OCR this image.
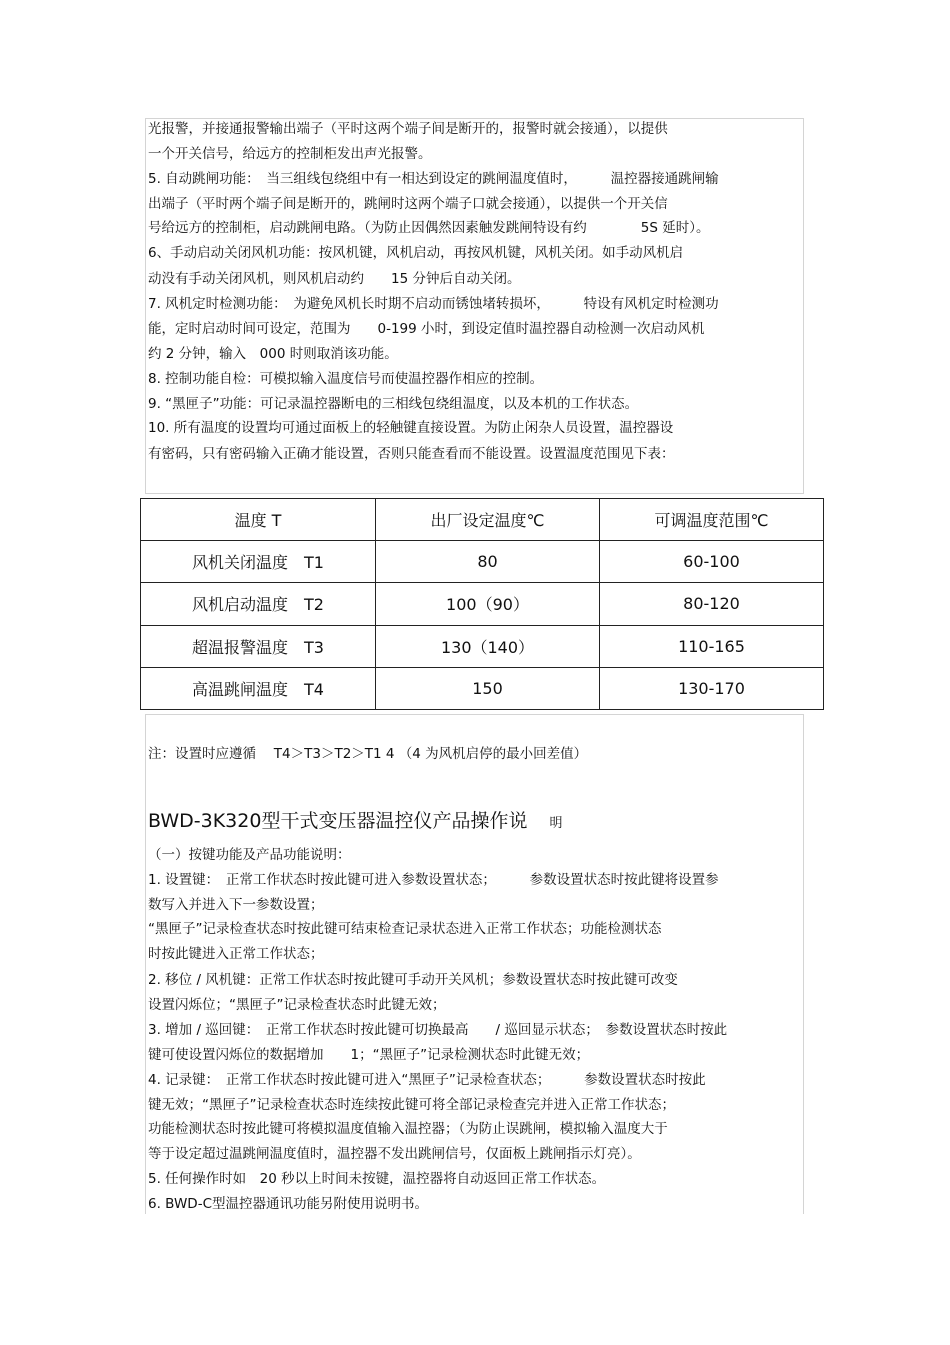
光报警，并接通报警输出端子（平时这两个端子间是断开的，报警时就会接通），以提供
一个开关信号，给远方的控制柜发出声光报警。
5. 自动跳闸功能：　当三组线包绕组中有一相达到设定的跳闸温度值时，　　　温控器接通跳闸输
出端子（平时两个端子间是断开的，跳闸时这两个端子口就会接通），以提供一个开关信
号给远方的控制柜，启动跳闸电路。（为防止因偶然因素触发跳闸特设有约　　　　5S 延时）。
6、手动启动关闭风机功能：按风机键，风机启动，再按风机键，风机关闭。如手动风机启
动没有手动关闭风机，则风机启动约　　15 分钟后自动关闭。
7. 风机定时检测功能：　为避免风机长时期不启动而锈蚀堵转损坏，　　　特设有风机定时检测功
能，定时启动时间可设定，范围为　　0-199 小时，到设定值时温控器自动检测一次启动风机
约 2 分钟，输入　000 时则取消该功能。
8. 控制功能自检：可模拟输入温度信号而使温控器作相应的控制。
9. “黑匣子”功能：可记录温控器断电的三相线包绕组温度，以及本机的工作状态。
10. 所有温度的设置均可通过面板上的轻触键直接设置。为防止闲杂人员设置，温控器设
有密码，只有密码输入正确才能设置，否则只能查看而不能设置。设置温度范围见下表：
温度 T	出厂设定温度℃	可调温度范围℃
风机关闭温度　T1	80	60-100
风机启动温度　T2	100（90）	80-120
超温报警温度　T3	130（140）	110-165
高温跳闸温度　T4	150	130-170
注：设置时应遵循　 T4＞T3＞T2＞T1 4 （4 为风机启停的最小回差值）
BWD-3K320型干式变压器温控仪产品操作说 明
（一）按键功能及产品功能说明：
1. 设置键：　正常工作状态时按此键可进入参数设置状态；　　　参数设置状态时按此键将设置参
数写入并进入下一参数设置；
“黑匣子”记录检查状态时按此键可结束检查记录状态进入正常工作状态；功能检测状态
时按此键进入正常工作状态；
2. 移位 / 风机键：正常工作状态时按此键可手动开关风机；参数设置状态时按此键可改变
设置闪烁位；“黑匣子”记录检查状态时此键无效；
3. 增加 / 巡回键：　正常工作状态时按此键可切换最高　　/ 巡回显示状态；　参数设置状态时按此
键可使设置闪烁位的数据增加　　1；“黑匣子”记录检测状态时此键无效；
4. 记录键：　正常工作状态时按此键可进入“黑匣子”记录检查状态；　　　参数设置状态时按此
键无效；“黑匣子”记录检查状态时连续按此键可将全部记录检查完并进入正常工作状态；
功能检测状态时按此键可将模拟温度值输入温控器；（为防止误跳闸，模拟输入温度大于
等于设定超过温跳闸温度值时，温控器不发出跳闸信号，仅面板上跳闸指示灯亮）。
5. 任何操作时如　20 秒以上时间未按键，温控器将自动返回正常工作状态。
6. BWD-C型温控器通讯功能另附使用说明书。
